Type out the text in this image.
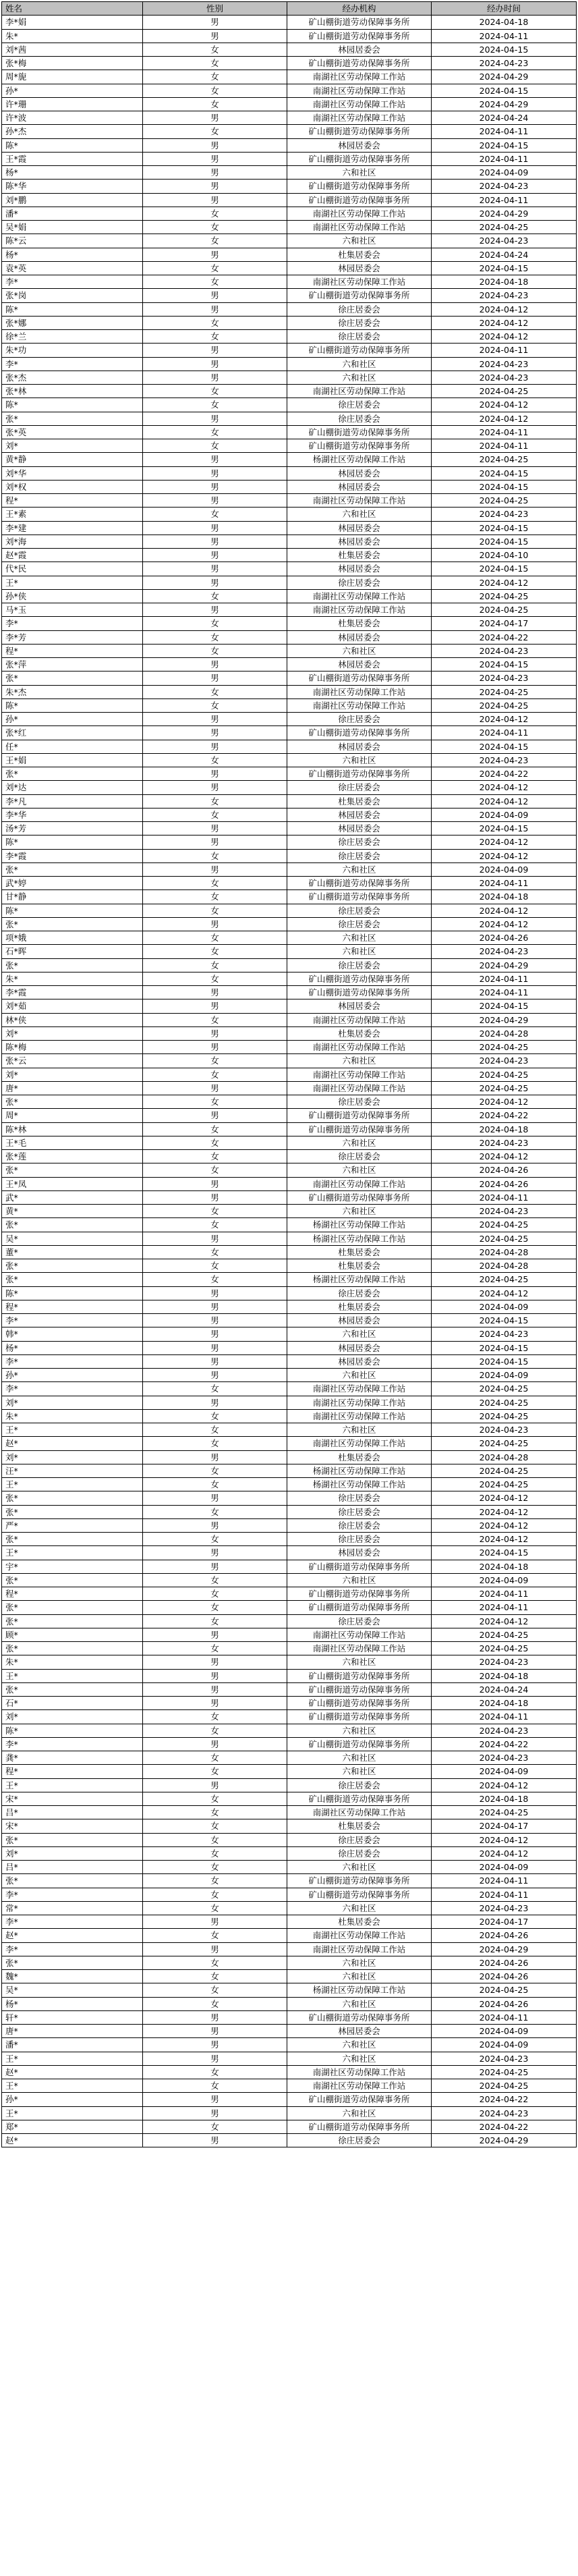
姓名	性别	经办机构	经办时间
李*娟	男	矿山棚街道劳动保障事务所	2024-04-18
朱*	男	矿山棚街道劳动保障事务所	2024-04-11
刘*茜	女	林园居委会	2024-04-15
张*梅	女	矿山棚街道劳动保障事务所	2024-04-23
周*旎	女	南湖社区劳动保障工作站	2024-04-29
孙*	女	南湖社区劳动保障工作站	2024-04-15
许*珊	女	南湖社区劳动保障工作站	2024-04-29
许*波	男	南湖社区劳动保障工作站	2024-04-24
孙*杰	女	矿山棚街道劳动保障事务所	2024-04-11
陈*	男	林园居委会	2024-04-15
王*霞	男	矿山棚街道劳动保障事务所	2024-04-11
杨*	男	六和社区	2024-04-09
陈*华	男	矿山棚街道劳动保障事务所	2024-04-23
刘*鹏	男	矿山棚街道劳动保障事务所	2024-04-11
潘*	女	南湖社区劳动保障工作站	2024-04-29
吴*娟	女	南湖社区劳动保障工作站	2024-04-25
陈*云	女	六和社区	2024-04-23
杨*	男	杜集居委会	2024-04-24
袁*英	女	林园居委会	2024-04-15
李*	女	南湖社区劳动保障工作站	2024-04-18
张*岗	男	矿山棚街道劳动保障事务所	2024-04-23
陈*	男	徐庄居委会	2024-04-12
张*娜	女	徐庄居委会	2024-04-12
徐*兰	女	徐庄居委会	2024-04-12
朱*功	男	矿山棚街道劳动保障事务所	2024-04-11
李*	男	六和社区	2024-04-23
张*杰	男	六和社区	2024-04-23
张*林	女	南湖社区劳动保障工作站	2024-04-25
陈*	女	徐庄居委会	2024-04-12
张*	男	徐庄居委会	2024-04-12
张*英	女	矿山棚街道劳动保障事务所	2024-04-11
刘*	女	矿山棚街道劳动保障事务所	2024-04-11
黄*静	男	杨湖社区劳动保障工作站	2024-04-25
刘*华	男	林园居委会	2024-04-15
刘*权	男	林园居委会	2024-04-15
程*	男	南湖社区劳动保障工作站	2024-04-25
王*素	女	六和社区	2024-04-23
李*建	男	林园居委会	2024-04-15
刘*海	男	林园居委会	2024-04-15
赵*霞	男	杜集居委会	2024-04-10
代*民	男	林园居委会	2024-04-15
王*	男	徐庄居委会	2024-04-12
孙*侠	女	南湖社区劳动保障工作站	2024-04-25
马*玉	男	南湖社区劳动保障工作站	2024-04-25
李*	女	杜集居委会	2024-04-17
李*芳	女	林园居委会	2024-04-22
程*	女	六和社区	2024-04-23
张*萍	男	林园居委会	2024-04-15
张*	男	矿山棚街道劳动保障事务所	2024-04-23
朱*杰	女	南湖社区劳动保障工作站	2024-04-25
陈*	女	南湖社区劳动保障工作站	2024-04-25
孙*	男	徐庄居委会	2024-04-12
张*红	男	矿山棚街道劳动保障事务所	2024-04-11
任*	男	林园居委会	2024-04-15
王*娟	女	六和社区	2024-04-23
张*	男	矿山棚街道劳动保障事务所	2024-04-22
刘*达	男	徐庄居委会	2024-04-12
李*凡	女	杜集居委会	2024-04-12
李*华	女	林园居委会	2024-04-09
汤*芳	男	林园居委会	2024-04-15
陈*	男	徐庄居委会	2024-04-12
李*霞	女	徐庄居委会	2024-04-12
张*	男	六和社区	2024-04-09
武*婷	女	矿山棚街道劳动保障事务所	2024-04-11
甘*静	女	矿山棚街道劳动保障事务所	2024-04-18
陈*	女	徐庄居委会	2024-04-12
张*	男	徐庄居委会	2024-04-12
项*娥	女	六和社区	2024-04-26
石*晖	女	六和社区	2024-04-23
张*	女	徐庄居委会	2024-04-29
朱*	女	矿山棚街道劳动保障事务所	2024-04-11
李*霞	男	矿山棚街道劳动保障事务所	2024-04-11
刘*茹	男	林园居委会	2024-04-15
林*侠	女	南湖社区劳动保障工作站	2024-04-29
刘*	男	杜集居委会	2024-04-28
陈*梅	男	南湖社区劳动保障工作站	2024-04-25
张*云	女	六和社区	2024-04-23
刘*	女	南湖社区劳动保障工作站	2024-04-25
唐*	男	南湖社区劳动保障工作站	2024-04-25
张*	女	徐庄居委会	2024-04-12
周*	男	矿山棚街道劳动保障事务所	2024-04-22
陈*林	女	矿山棚街道劳动保障事务所	2024-04-18
王*毛	女	六和社区	2024-04-23
张*莲	女	徐庄居委会	2024-04-12
张*	女	六和社区	2024-04-26
王*凤	男	南湖社区劳动保障工作站	2024-04-26
武*	男	矿山棚街道劳动保障事务所	2024-04-11
黄*	女	六和社区	2024-04-23
张*	女	杨湖社区劳动保障工作站	2024-04-25
吴*	男	杨湖社区劳动保障工作站	2024-04-25
董*	女	杜集居委会	2024-04-28
张*	女	杜集居委会	2024-04-28
张*	女	杨湖社区劳动保障工作站	2024-04-25
陈*	男	徐庄居委会	2024-04-12
程*	男	杜集居委会	2024-04-09
李*	男	林园居委会	2024-04-15
韩*	男	六和社区	2024-04-23
杨*	男	林园居委会	2024-04-15
李*	男	林园居委会	2024-04-15
孙*	男	六和社区	2024-04-09
李*	女	南湖社区劳动保障工作站	2024-04-25
刘*	男	南湖社区劳动保障工作站	2024-04-25
朱*	女	南湖社区劳动保障工作站	2024-04-25
王*	女	六和社区	2024-04-23
赵*	女	南湖社区劳动保障工作站	2024-04-25
刘*	男	杜集居委会	2024-04-28
汪*	女	杨湖社区劳动保障工作站	2024-04-25
王*	女	杨湖社区劳动保障工作站	2024-04-25
张*	男	徐庄居委会	2024-04-12
张*	女	徐庄居委会	2024-04-12
严*	男	徐庄居委会	2024-04-12
张*	女	徐庄居委会	2024-04-12
王*	男	林园居委会	2024-04-15
宇*	男	矿山棚街道劳动保障事务所	2024-04-18
张*	女	六和社区	2024-04-09
程*	女	矿山棚街道劳动保障事务所	2024-04-11
张*	女	矿山棚街道劳动保障事务所	2024-04-11
张*	女	徐庄居委会	2024-04-12
顾*	男	南湖社区劳动保障工作站	2024-04-25
张*	女	南湖社区劳动保障工作站	2024-04-25
朱*	男	六和社区	2024-04-23
王*	男	矿山棚街道劳动保障事务所	2024-04-18
张*	男	矿山棚街道劳动保障事务所	2024-04-24
石*	男	矿山棚街道劳动保障事务所	2024-04-18
刘*	女	矿山棚街道劳动保障事务所	2024-04-11
陈*	女	六和社区	2024-04-23
李*	男	矿山棚街道劳动保障事务所	2024-04-22
龚*	女	六和社区	2024-04-23
程*	女	六和社区	2024-04-09
王*	男	徐庄居委会	2024-04-12
宋*	女	矿山棚街道劳动保障事务所	2024-04-18
吕*	女	南湖社区劳动保障工作站	2024-04-25
宋*	女	杜集居委会	2024-04-17
张*	女	徐庄居委会	2024-04-12
刘*	女	徐庄居委会	2024-04-12
吕*	女	六和社区	2024-04-09
张*	女	矿山棚街道劳动保障事务所	2024-04-11
李*	女	矿山棚街道劳动保障事务所	2024-04-11
常*	女	六和社区	2024-04-23
李*	男	杜集居委会	2024-04-17
赵*	女	南湖社区劳动保障工作站	2024-04-26
李*	男	南湖社区劳动保障工作站	2024-04-29
张*	女	六和社区	2024-04-26
魏*	女	六和社区	2024-04-26
吴*	女	杨湖社区劳动保障工作站	2024-04-25
杨*	女	六和社区	2024-04-26
轩*	男	矿山棚街道劳动保障事务所	2024-04-11
唐*	男	林园居委会	2024-04-09
潘*	男	六和社区	2024-04-09
王*	男	六和社区	2024-04-23
赵*	女	南湖社区劳动保障工作站	2024-04-25
王*	女	南湖社区劳动保障工作站	2024-04-25
孙*	男	矿山棚街道劳动保障事务所	2024-04-22
王*	男	六和社区	2024-04-23
郑*	女	矿山棚街道劳动保障事务所	2024-04-22
赵*	男	徐庄居委会	2024-04-29
